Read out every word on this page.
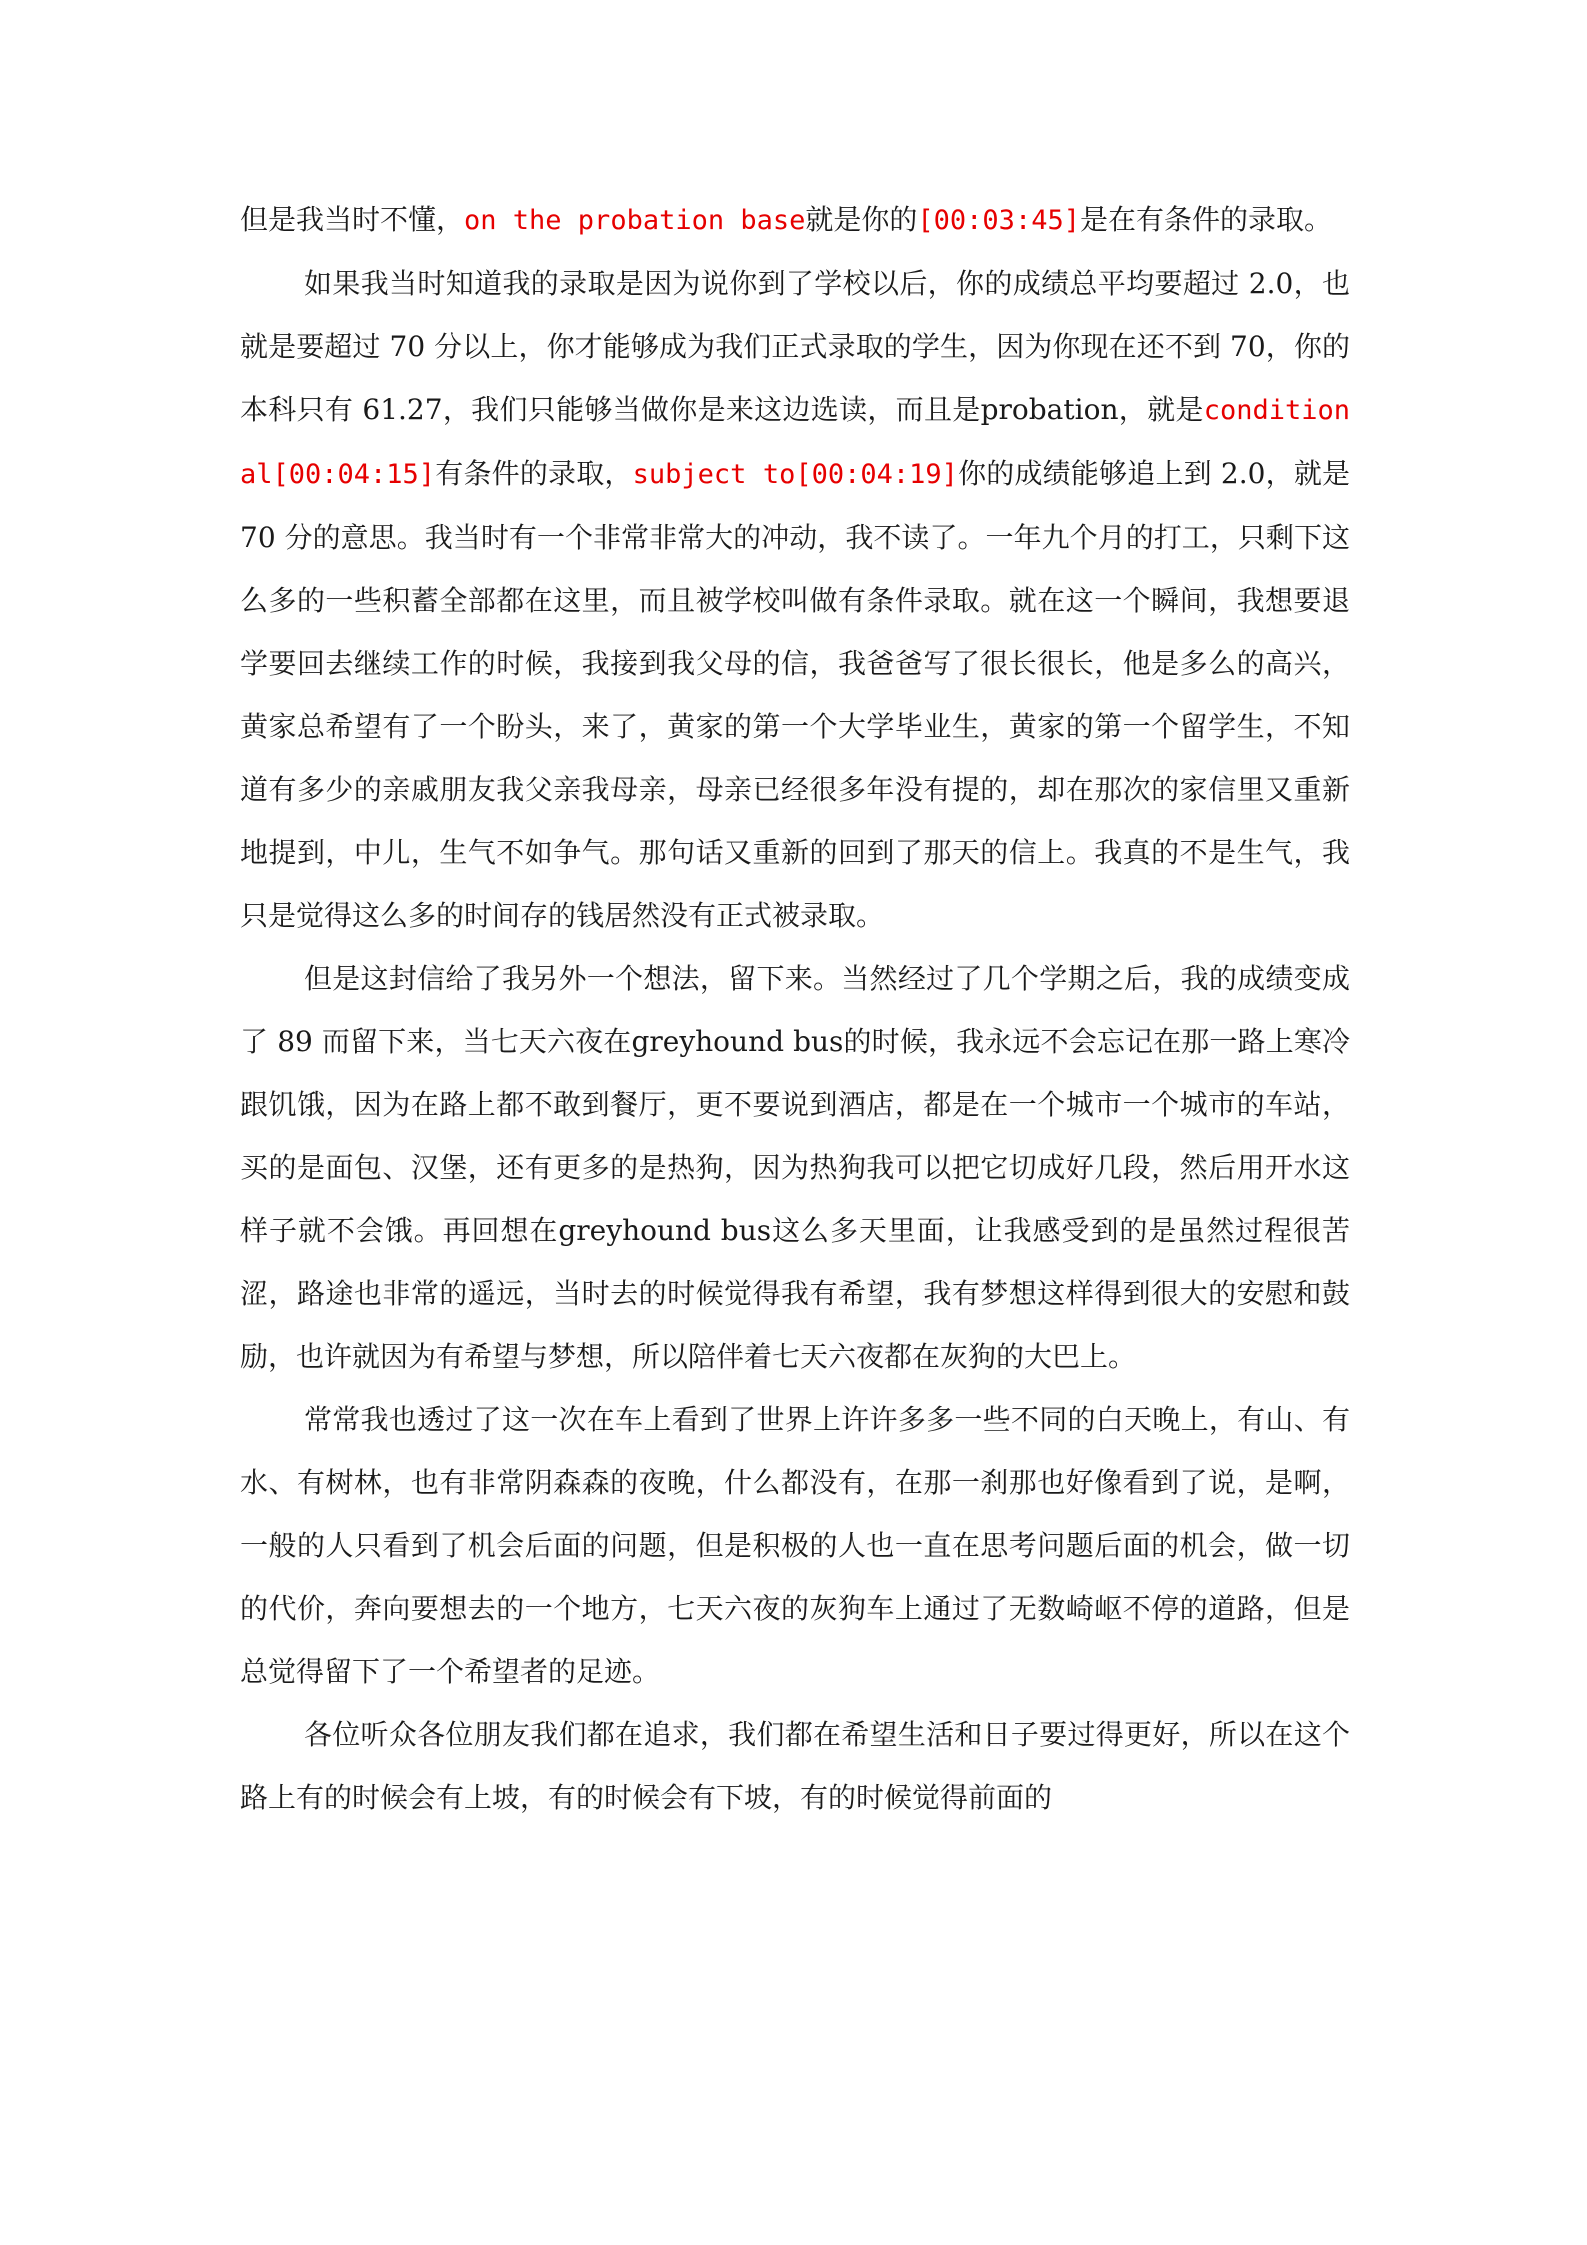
但是我当时不懂，on the probation base就是你的[00:03:45]是在有条件的录取。

如果我当时知道我的录取是因为说你到了学校以后，你的成绩总平均要超过 2.0，也就是要超过 70 分以上，你才能够成为我们正式录取的学生，因为你现在还不到 70，你的本科只有 61.27，我们只能够当做你是来这边选读，而且是probation，就是conditional[00:04:15]有条件的录取，subject to[00:04:19]你的成绩能够追上到 2.0，就是 70 分的意思。我当时有一个非常非常大的冲动，我不读了。一年九个月的打工，只剩下这么多的一些积蓄全部都在这里，而且被学校叫做有条件录取。就在这一个瞬间，我想要退学要回去继续工作的时候，我接到我父母的信，我爸爸写了很长很长，他是多么的高兴，黄家总希望有了一个盼头，来了，黄家的第一个大学毕业生，黄家的第一个留学生，不知道有多少的亲戚朋友我父亲我母亲，母亲已经很多年没有提的，却在那次的家信里又重新地提到，中儿，生气不如争气。那句话又重新的回到了那天的信上。我真的不是生气，我只是觉得这么多的时间存的钱居然没有正式被录取。

但是这封信给了我另外一个想法，留下来。当然经过了几个学期之后，我的成绩变成了 89 而留下来，当七天六夜在greyhound bus的时候，我永远不会忘记在那一路上寒冷跟饥饿，因为在路上都不敢到餐厅，更不要说到酒店，都是在一个城市一个城市的车站，买的是面包、汉堡，还有更多的是热狗，因为热狗我可以把它切成好几段，然后用开水这样子就不会饿。再回想在greyhound bus这么多天里面，让我感受到的是虽然过程很苦涩，路途也非常的遥远，当时去的时候觉得我有希望，我有梦想这样得到很大的安慰和鼓励，也许就因为有希望与梦想，所以陪伴着七天六夜都在灰狗的大巴上。

常常我也透过了这一次在车上看到了世界上许许多多一些不同的白天晚上，有山、有水、有树林，也有非常阴森森的夜晚，什么都没有，在那一刹那也好像看到了说，是啊，一般的人只看到了机会后面的问题，但是积极的人也一直在思考问题后面的机会，做一切的代价，奔向要想去的一个地方，七天六夜的灰狗车上通过了无数崎岖不停的道路，但是总觉得留下了一个希望者的足迹。

各位听众各位朋友我们都在追求，我们都在希望生活和日子要过得更好，所以在这个路上有的时候会有上坡，有的时候会有下坡，有的时候觉得前面的
